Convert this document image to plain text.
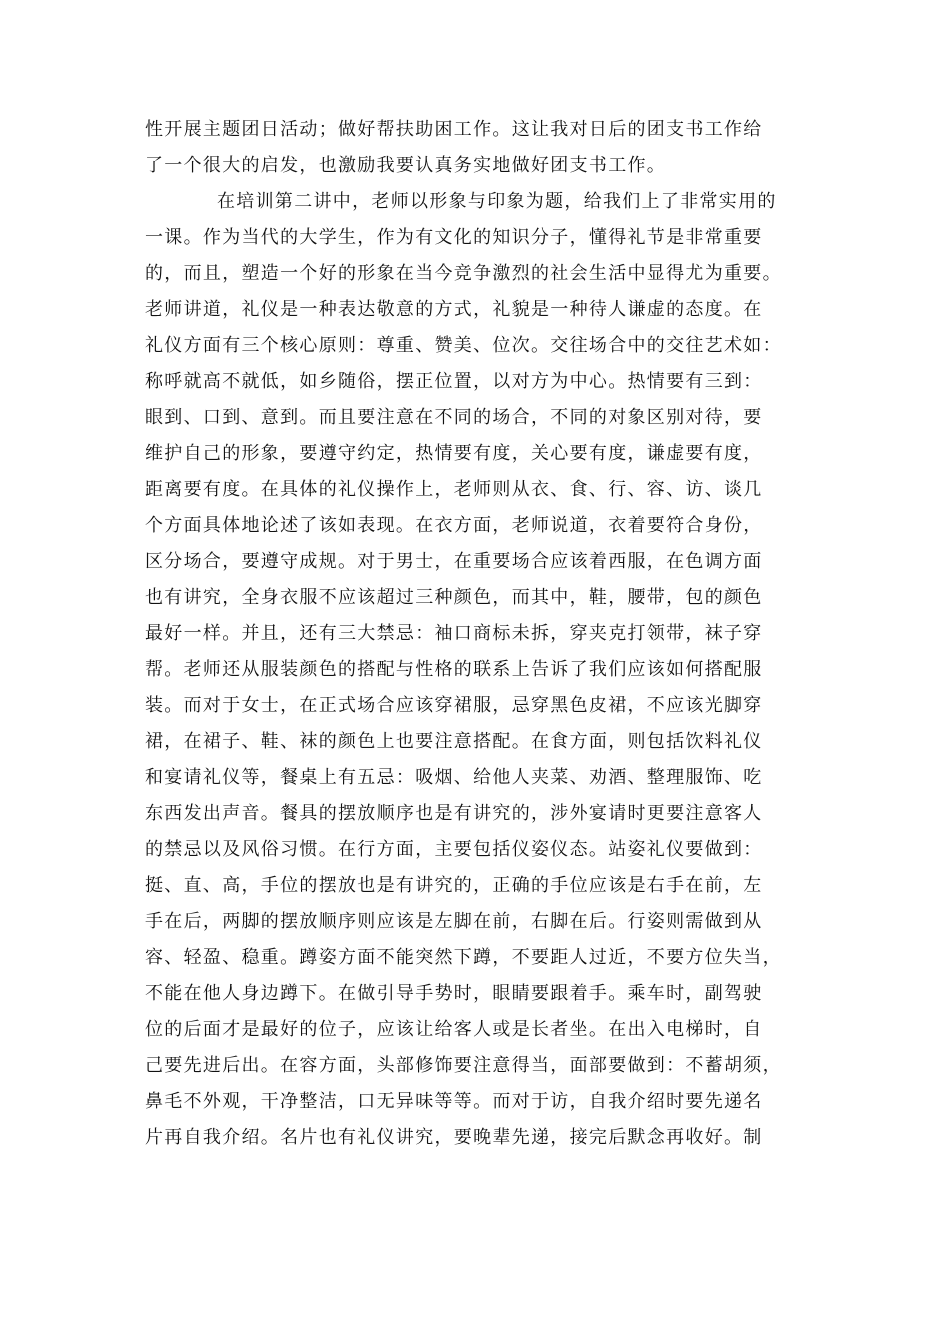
性开展主题团日活动；做好帮扶助困工作。这让我对日后的团支书工作给
了一个很大的启发，也激励我要认真务实地做好团支书工作。
在培训第二讲中，老师以形象与印象为题，给我们上了非常实用的
一课。作为当代的大学生，作为有文化的知识分子，懂得礼节是非常重要
的，而且，塑造一个好的形象在当今竞争激烈的社会生活中显得尤为重要。
老师讲道，礼仪是一种表达敬意的方式，礼貌是一种待人谦虚的态度。在
礼仪方面有三个核心原则：尊重、赞美、位次。交往场合中的交往艺术如：
称呼就高不就低，如乡随俗，摆正位置，以对方为中心。热情要有三到：
眼到、口到、意到。而且要注意在不同的场合，不同的对象区别对待，要
维护自己的形象，要遵守约定，热情要有度，关心要有度，谦虚要有度，
距离要有度。在具体的礼仪操作上，老师则从衣、食、行、容、访、谈几
个方面具体地论述了该如表现。在衣方面，老师说道，衣着要符合身份，
区分场合，要遵守成规。对于男士，在重要场合应该着西服，在色调方面
也有讲究，全身衣服不应该超过三种颜色，而其中，鞋，腰带，包的颜色
最好一样。并且，还有三大禁忌：袖口商标未拆，穿夹克打领带，袜子穿
帮。老师还从服装颜色的搭配与性格的联系上告诉了我们应该如何搭配服
装。而对于女士，在正式场合应该穿裙服，忌穿黑色皮裙，不应该光脚穿
裙，在裙子、鞋、袜的颜色上也要注意搭配。在食方面，则包括饮料礼仪
和宴请礼仪等，餐桌上有五忌：吸烟、给他人夹菜、劝酒、整理服饰、吃
东西发出声音。餐具的摆放顺序也是有讲究的，涉外宴请时更要注意客人
的禁忌以及风俗习惯。在行方面，主要包括仪姿仪态。站姿礼仪要做到：
挺、直、高，手位的摆放也是有讲究的，正确的手位应该是右手在前，左
手在后，两脚的摆放顺序则应该是左脚在前，右脚在后。行姿则需做到从
容、轻盈、稳重。蹲姿方面不能突然下蹲，不要距人过近，不要方位失当，
不能在他人身边蹲下。在做引导手势时，眼睛要跟着手。乘车时，副驾驶
位的后面才是最好的位子，应该让给客人或是长者坐。在出入电梯时，自
己要先进后出。在容方面，头部修饰要注意得当，面部要做到：不蓄胡须，
鼻毛不外观，干净整洁，口无异味等等。而对于访，自我介绍时要先递名
片再自我介绍。名片也有礼仪讲究，要晚辈先递，接完后默念再收好。制
